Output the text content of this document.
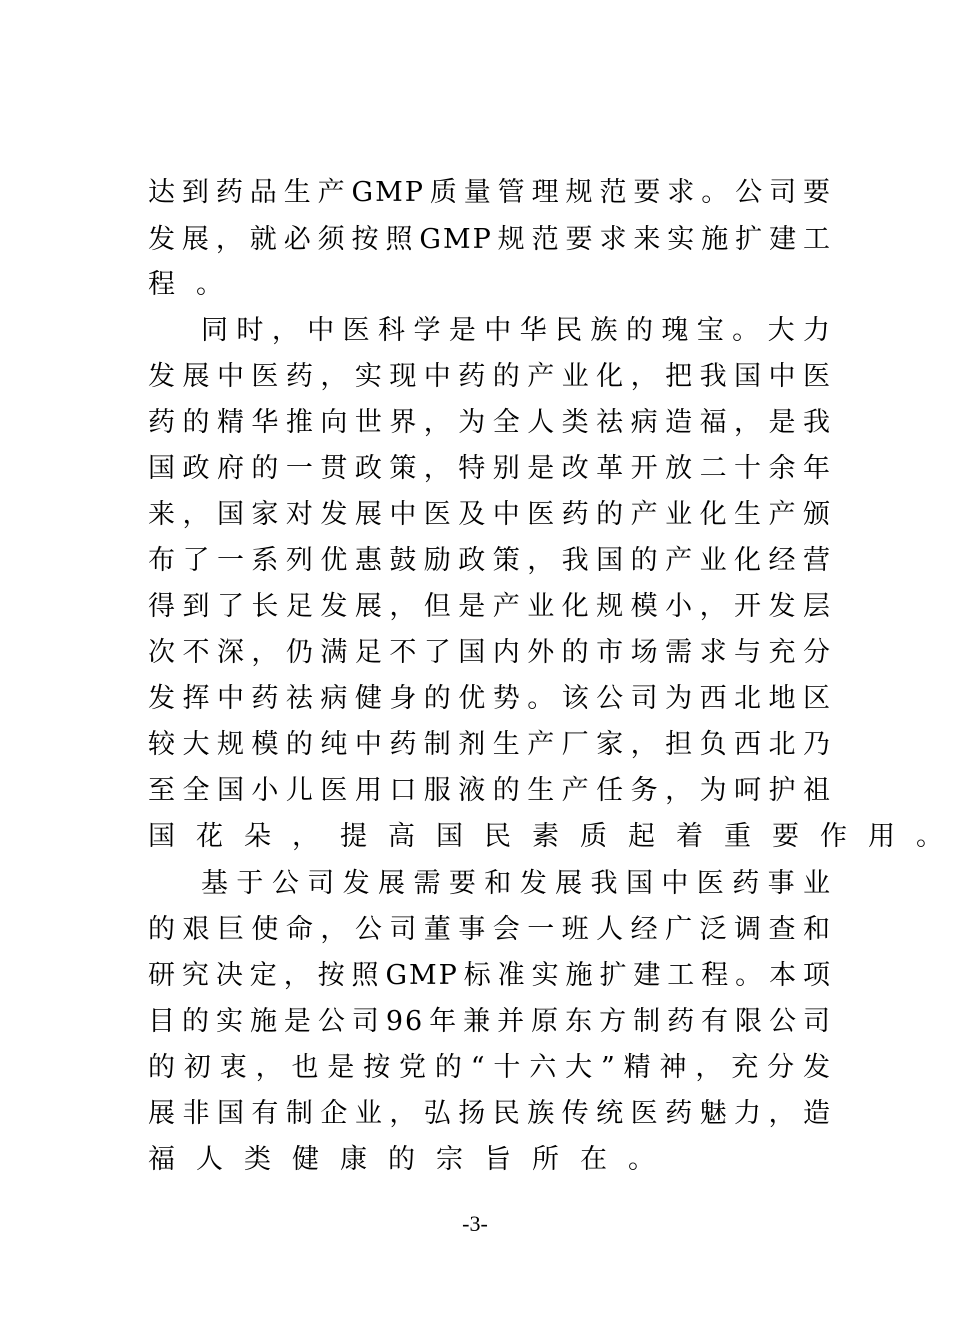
达到药品生产GMP质量管理规范要求。公司要
发展，就必须按照GMP规范要求来实施扩建工
程。
同时，中医科学是中华民族的瑰宝。大力
发展中医药，实现中药的产业化，把我国中医
药的精华推向世界，为全人类祛病造福，是我
国政府的一贯政策，特别是改革开放二十余年
来，国家对发展中医及中医药的产业化生产颁
布了一系列优惠鼓励政策，我国的产业化经营
得到了长足发展，但是产业化规模小，开发层
次不深，仍满足不了国内外的市场需求与充分
发挥中药祛病健身的优势。该公司为西北地区
较大规模的纯中药制剂生产厂家，担负西北乃
至全国小儿医用口服液的生产任务，为呵护祖
国花朵，提高国民素质起着重要作用。
基于公司发展需要和发展我国中医药事业
的艰巨使命，公司董事会一班人经广泛调查和
研究决定，按照GMP标准实施扩建工程。本项
目的实施是公司96年兼并原东方制药有限公司
的初衷，也是按党的“十六大”精神，充分发
展非国有制企业，弘扬民族传统医药魅力，造
福人类健康的宗旨所在。
-3-
